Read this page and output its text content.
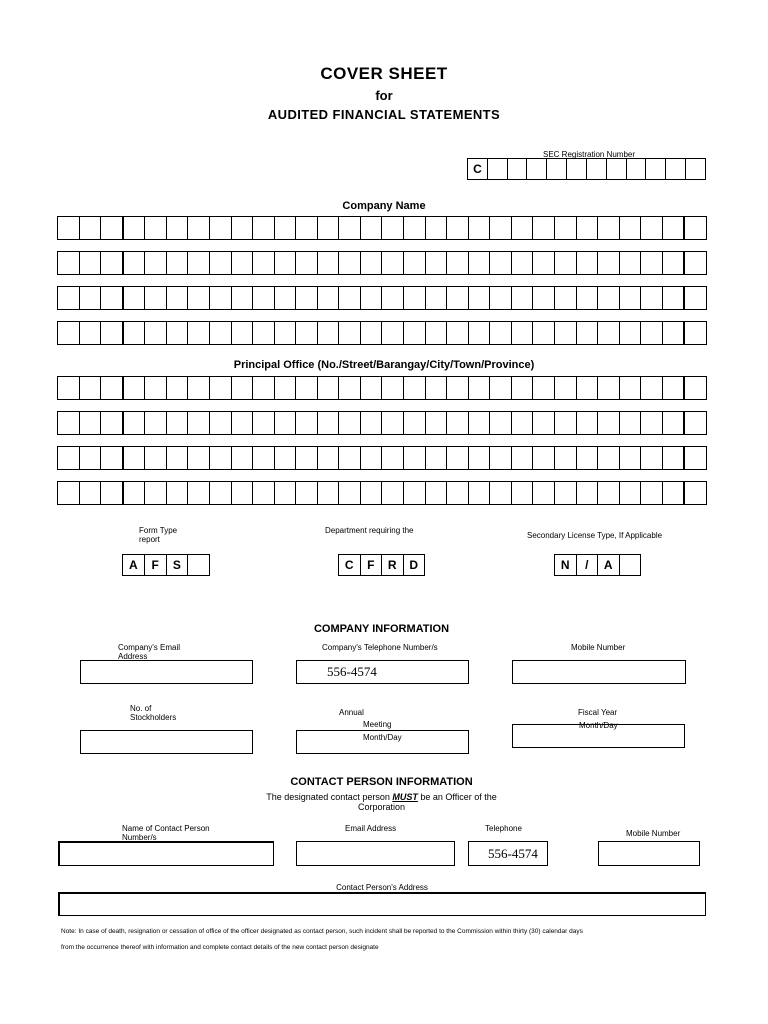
COVER SHEET
for
AUDITED FINANCIAL STATEMENTS
SEC Registration Number
C
Company Name
Principal Office (No./Street/Barangay/City/Town/Province)
Form Type
report
A	F	S
Department requiring the
C	F	R	D
Secondary License Type, If Applicable
N	/	A
COMPANY INFORMATION
Company's Email
Address
Company's Telephone Number/s
556-4574
Mobile Number
No. of
Stockholders
Annual
Meeting
Month/Day
Fiscal Year
Month/Day
CONTACT PERSON INFORMATION
The designated contact person MUST be an Officer of the
Corporation
Name of Contact Person
Number/s
Email Address	Telephone
556-4574
Mobile Number
Contact Person's Address
Note: In case of death, resignation or cessation of office of the officer designated as contact person, such incident shall be reported to the Commission within thirty (30) calendar days
from the occurrence thereof with information and complete contact details of the new contact person designate
